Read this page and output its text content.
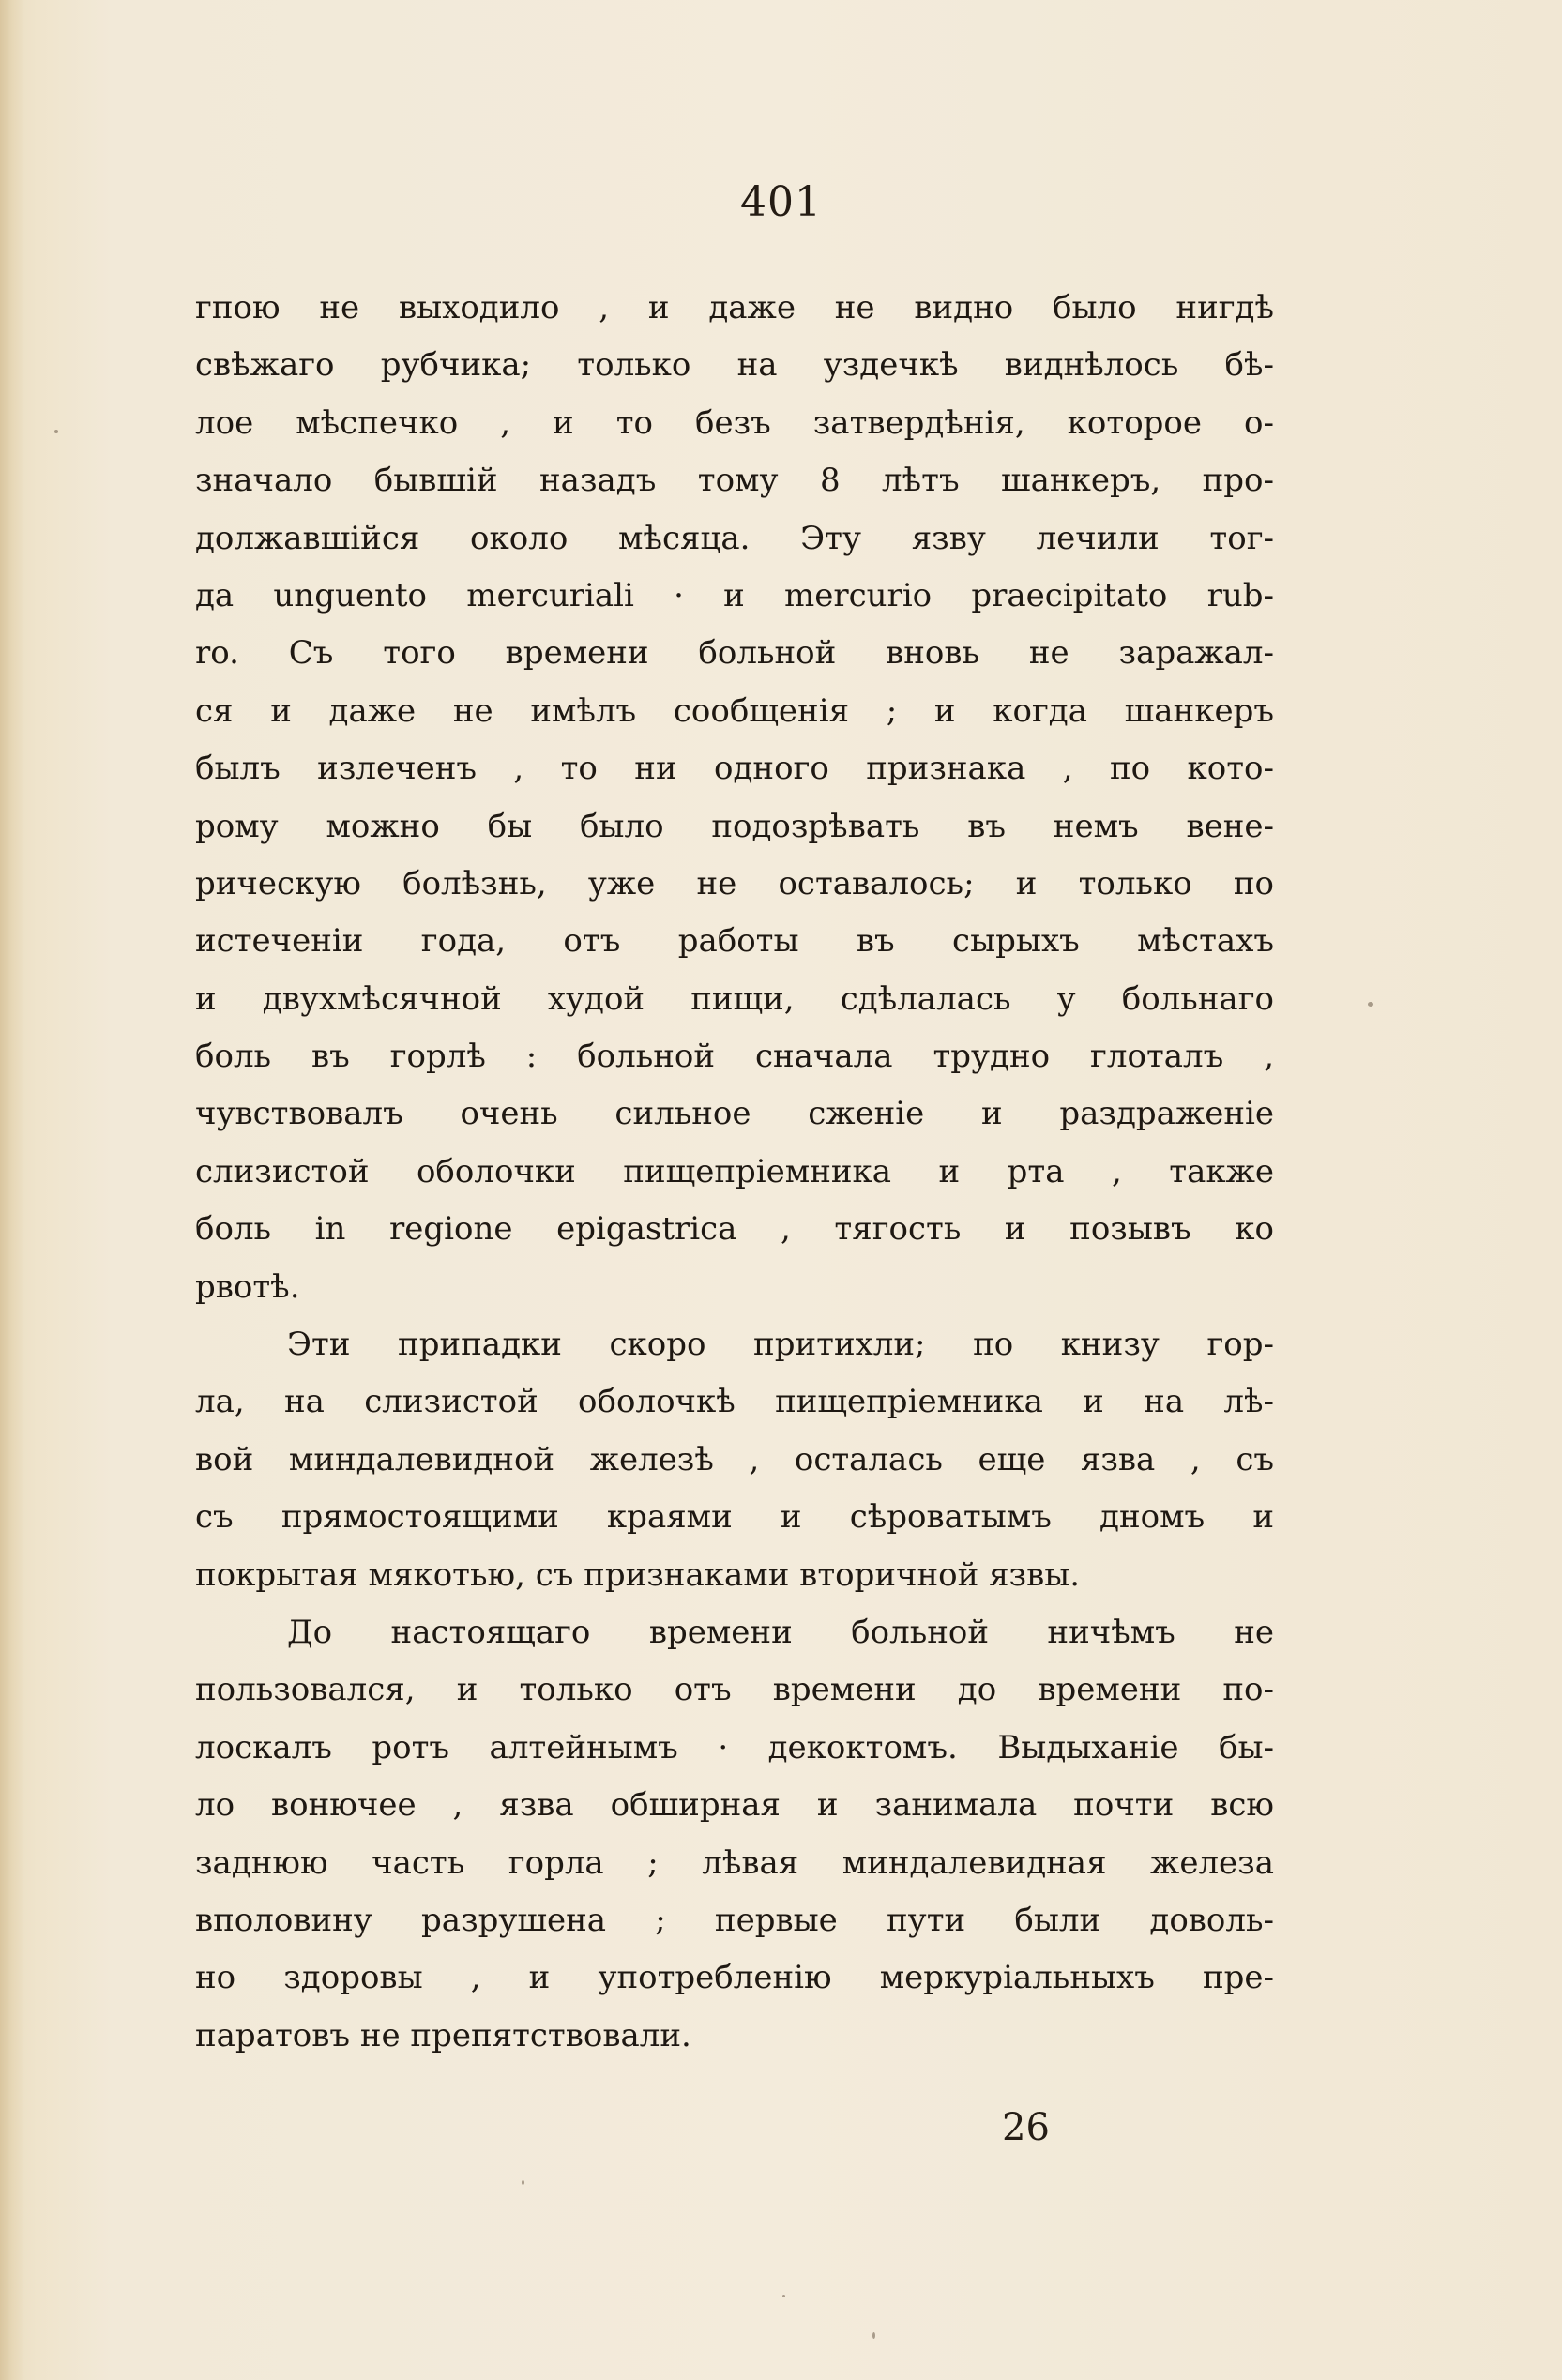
401
гпою не выходило , и даже не видно было нигдѣ
свѣжаго рубчика; только на уздечкѣ виднѣлось бѣ-
лое мѣспечко , и то безъ затвердѣнія, которое о-
значало бывшій назадъ тому 8 лѣтъ шанкеръ, про-
должавшійся около мѣсяца. Эту язву лечили тог-
да unguento mercuriali · и mercurio praecipitato rub-
ro. Съ того времени больной вновь не заражал-
ся и даже не имѣлъ сообщенія ; и когда шанкеръ
былъ излеченъ , то ни одного признака , по кото-
рому можно бы было подозрѣвать въ немъ вене-
рическую болѣзнь, уже не оставалось; и только по
истеченіи года, отъ работы въ сырыхъ мѣстахъ
и двухмѣсячной худой пищи, сдѣлалась у больнаго
боль въ горлѣ : больной сначала трудно глоталъ ,
чувствовалъ очень сильное сженіе и раздраженіе
слизистой оболочки пищепріемника и рта , также
боль in regione epigastrica , тягость и позывъ ко
рвотѣ.
Эти припадки скоро притихли; по книзу гор-
ла, на слизистой оболочкѣ пищепріемника и на лѣ-
вой миндалевидной железѣ , осталась еще язва , съ
съ прямостоящими краями и сѣроватымъ дномъ и
покрытая мякотью, съ признаками вторичной язвы.
До настоящаго времени больной ничѣмъ не
пользовался, и только отъ времени до времени по-
лоскалъ ротъ алтейнымъ · декоктомъ. Выдыханіе бы-
ло вонючее , язва обширная и занимала почти всю
заднюю часть горла ; лѣвая миндалевидная железа
вполовину разрушена ; первые пути были доволь‑
но здоровы , и употребленію меркуріальныхъ пре-
паратовъ не препятствовали.
26
